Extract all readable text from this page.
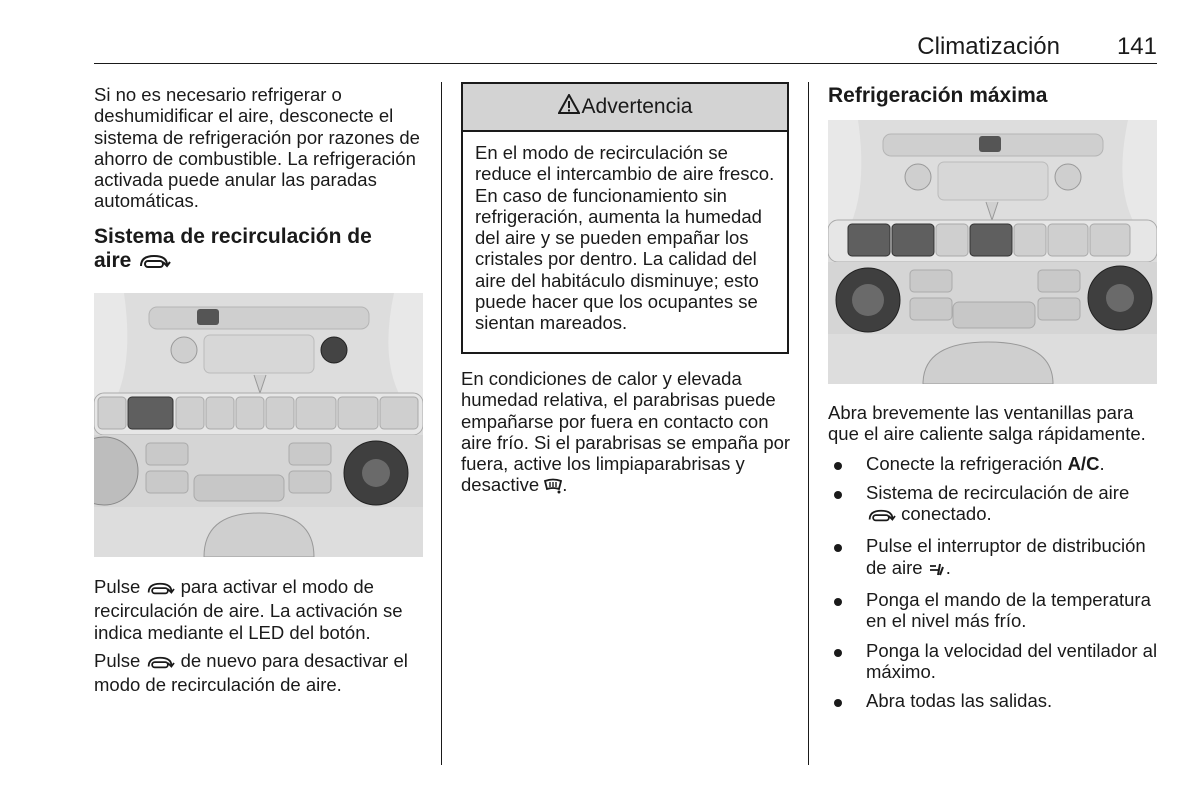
Climatización 141

Si no es necesario refrigerar o deshumidificar el aire, desconecte el sistema de refrigeración por razones de ahorro de combustible. La refrigeración activada puede anular las paradas automáticas.

Sistema de recirculación de
aire

Pulse para activar el modo de recirculación de aire. La activación se indica mediante el LED del botón.

Pulse de nuevo para desactivar el modo de recirculación de aire.

Advertencia
En el modo de recirculación se reduce el intercambio de aire fresco. En caso de funcionamiento sin refrigeración, aumenta la humedad del aire y se pueden empañar los cristales por dentro. La calidad del aire del habitáculo disminuye; esto puede hacer que los ocupantes se sientan mareados.

En condiciones de calor y elevada humedad relativa, el parabrisas puede empañarse por fuera en contacto con aire frío. Si el parabrisas se empaña por fuera, active los limpiaparabrisas y desactive .

Refrigeración máxima

Abra brevemente las ventanillas para que el aire caliente salga rápidamente.

Conecte la refrigeración A/C.
Sistema de recirculación de aire  conectado.
Pulse el interruptor de distribución de aire .
Ponga el mando de la temperatura en el nivel más frío.
Ponga la velocidad del ventilador al máximo.
Abra todas las salidas.
